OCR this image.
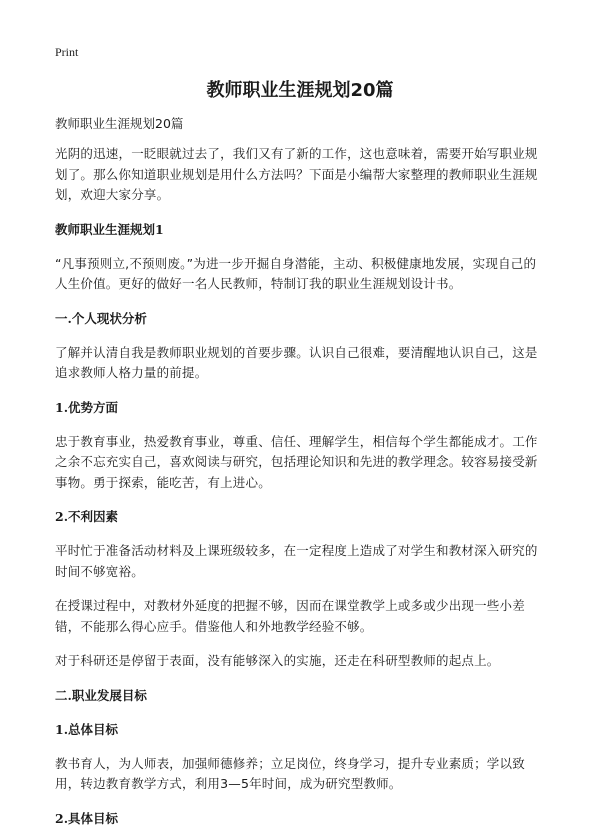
Print
教师职业生涯规划20篇
教师职业生涯规划20篇

光阴的迅速，一眨眼就过去了，我们又有了新的工作，这也意味着，需要开始写职业规划了。那么你知道职业规划是用什么方法吗？下面是小编帮大家整理的教师职业生涯规划，欢迎大家分享。

教师职业生涯规划1

“凡事预则立,不预则废。”为进一步开掘自身潜能，主动、积极健康地发展，实现自己的人生价值。更好的做好一名人民教师，特制订我的职业生涯规划设计书。

一.个人现状分析

了解并认清自我是教师职业规划的首要步骤。认识自己很难，要清醒地认识自己，这是追求教师人格力量的前提。

1.优势方面

忠于教育事业，热爱教育事业，尊重、信任、理解学生，相信每个学生都能成才。工作之余不忘充实自己，喜欢阅读与研究，包括理论知识和先进的教学理念。较容易接受新事物。勇于探索，能吃苦，有上进心。

2.不利因素

平时忙于准备活动材料及上课班级较多，在一定程度上造成了对学生和教材深入研究的时间不够宽裕。

在授课过程中，对教材外延度的把握不够，因而在课堂教学上或多或少出现一些小差错，不能那么得心应手。借鉴他人和外地教学经验不够。

对于科研还是停留于表面，没有能够深入的实施，还走在科研型教师的起点上。

二.职业发展目标
1.总体目标

教书育人，为人师表，加强师德修养；立足岗位，终身学习，提升专业素质；学以致用，转边教育教学方式，利用3—5年时间，成为研究型教师。

2.具体目标
